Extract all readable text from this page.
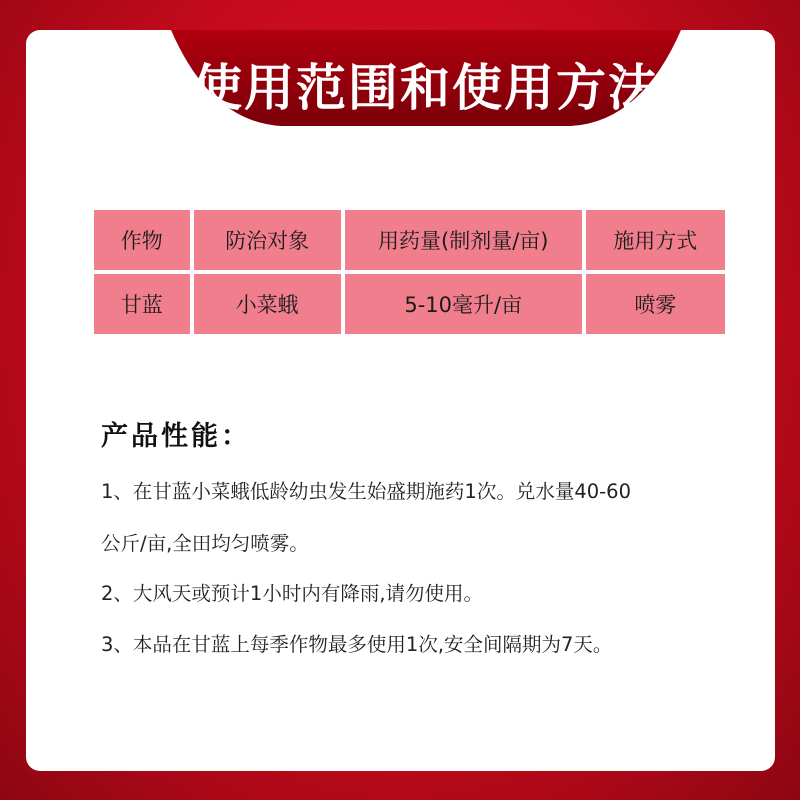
使用范围和使用方法
作物	防治对象	用药量(制剂量/亩)	施用方式
甘蓝	小菜蛾	5-10毫升/亩	喷雾
产品性能：
1、在甘蓝小菜蛾低龄幼虫发生始盛期施药1次。兑水量40-60
公斤/亩,全田均匀喷雾。
2、大风天或预计1小时内有降雨,请勿使用。
3、本品在甘蓝上每季作物最多使用1次,安全间隔期为7天。
